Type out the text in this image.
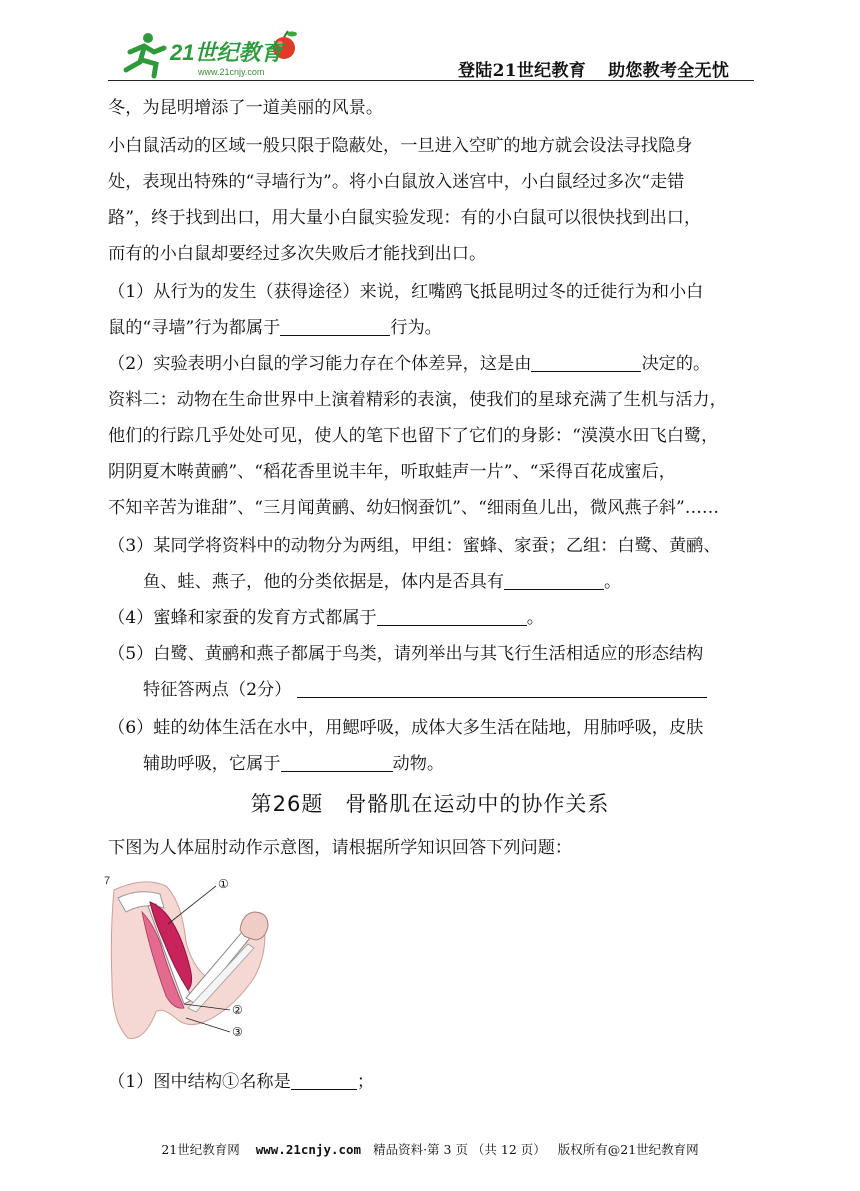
21世纪教育
www.21cnjy.com	登陆21世纪教育 助您教考全无忧
冬，为昆明增添了一道美丽的风景。
小白鼠活动的区域一般只限于隐蔽处，一旦进入空旷的地方就会设法寻找隐身
处，表现出特殊的“寻墙行为”。将小白鼠放入迷宫中，小白鼠经过多次“走错
路”，终于找到出口，用大量小白鼠实验发现：有的小白鼠可以很快找到出口，
而有的小白鼠却要经过多次失败后才能找到出口。
（1）从行为的发生（获得途径）来说，红嘴鸥飞抵昆明过冬的迁徙行为和小白
鼠的“寻墙”行为都属于	行为。
（2）实验表明小白鼠的学习能力存在个体差异，这是由	决定的。
资料二：动物在生命世界中上演着精彩的表演，使我们的星球充满了生机与活力，
他们的行踪几乎处处可见，使人的笔下也留下了它们的身影：“漠漠水田飞白鹭，
阴阴夏木啭黄鹂”、“稻花香里说丰年，听取蛙声一片”、“采得百花成蜜后，
不知辛苦为谁甜”、“三月闻黄鹂、幼妇悯蚕饥”、“细雨鱼儿出，微风燕子斜”……
（3）某同学将资料中的动物分为两组，甲组：蜜蜂、家蚕；乙组：白鹭、黄鹂、
鱼、蛙、燕子，他的分类依据是，体内是否具有	。
（4）蜜蜂和家蚕的发育方式都属于	。
（5）白鹭、黄鹂和燕子都属于鸟类，请列举出与其飞行生活相适应的形态结构
特征答两点（2分）
（6）蛙的幼体生活在水中，用鳃呼吸，成体大多生活在陆地，用肺呼吸，皮肤
辅助呼吸，它属于	动物。
第26题　骨骼肌在运动中的协作关系
下图为人体屈肘动作示意图，请根据所学知识回答下列问题：
7	①
②
③
（1）图中结构①名称是	；
21世纪教育网 www.21cnjy.com 精品资料·第 3 页 （共 12 页） 版权所有@21世纪教育网
